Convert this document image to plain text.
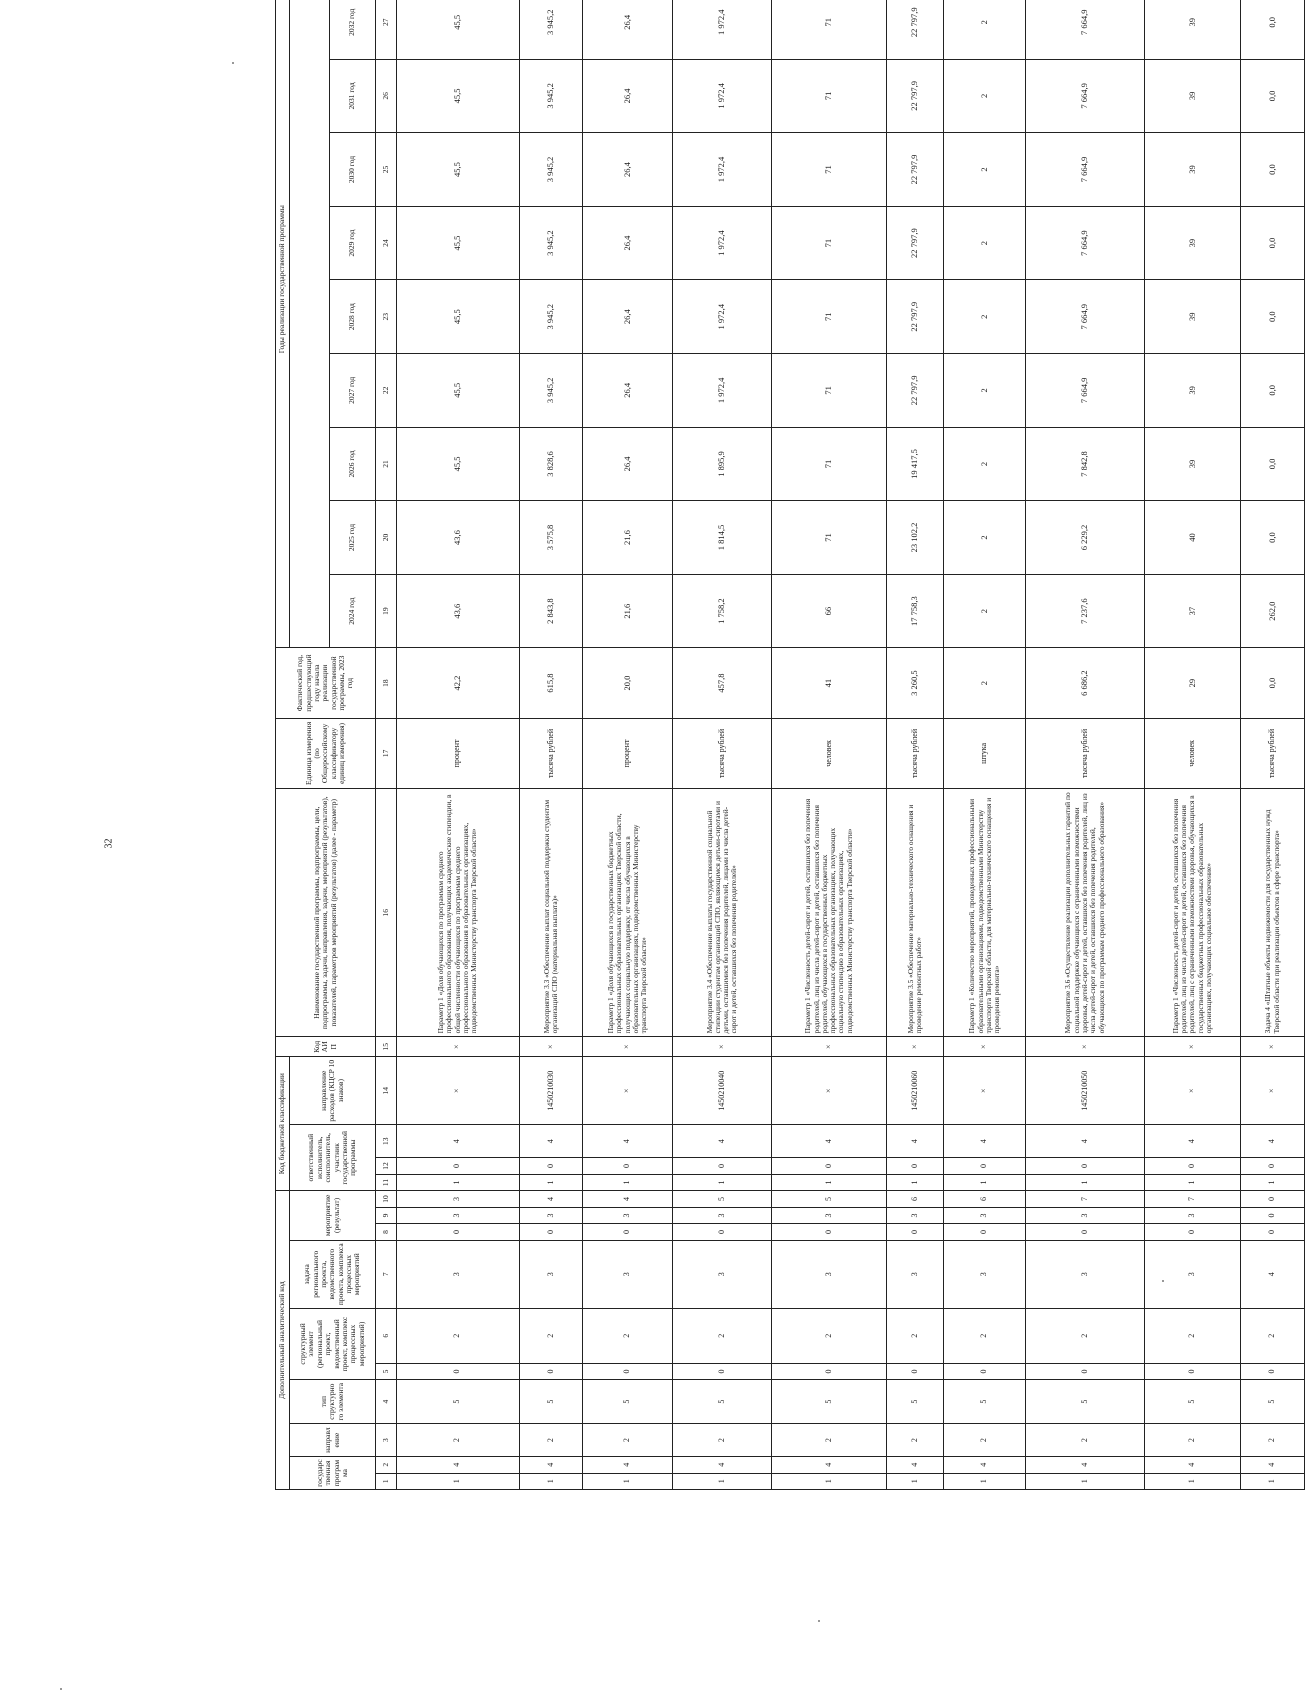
32
Дополнительный аналитический код										Код бюджетной классификации				Код АИП	Наименование государственной программы, подпрограммы, цели, подпрограммы, задачи, направления, задачи, мероприятий (результатов), показателей, параметров мероприятий (результатов) (далее - параметр)	Единица измерения (по Общероссийскому классификатору единиц измерения)	Фактический год, предшествующий году начала реализации государственной программы, 2023 год	Годы реализации государственной программы									
государственная программа		направление	тип структурного элемента	структурный элемент (региональный проект, ведомственный проект, комплекс процессных мероприятий)		задача регионального проекта, ведомственного проекта, комплекса процессных мероприятий	мероприятие (результат)			ответственный исполнитель, соисполнитель, участник государственной программы			направление расходов (КЦСР 10 знаков)														
																		2024 год	2025 год	2026 год	2027 год	2028 год	2029 год	2030 год	2031 год	2032 год	
1	2	3	4	5	6	7	8	9	10	11	12	13	14	15	16	17	18	19	20	21	22	23	24	25	26	27	
1	4	2	5	0	2	3	0	3	3	1	0	4	×	×	Параметр 1 «Доля обучающихся по программам среднего профессионального образования, получающих академические стипендии, в общей численности обучающихся по программам среднего профессионального образования в образовательных организациях, подведомственных Министерству транспорта Тверской области»	процент	42,2	43,6	43,6	45,5	45,5	45,5	45,5	45,5	45,5	45,5	
1	4	2	5	0	2	3	0	3	4	1	0	4	1450210030	×	Мероприятие 3.3 «Обеспечение выплат социальной поддержки студентам организаций СПО (материальная выплата)»	тысяча рублей	615,8	2 843,8	3 575,8	3 828,6	3 945,2	3 945,2	3 945,2	3 945,2	3 945,2	3 945,2	
1	4	2	5	0	2	3	0	3	4	1	0	4	×	×	Параметр 1 «Доля обучающихся в государственных бюджетных профессиональных образовательных организациях Тверской области, получающих социальную поддержку, от числа обучающихся в образовательных организациях, подведомственных Министерству транспорта Тверской области»	процент	20,0	21,6	21,6	26,4	26,4	26,4	26,4	26,4	26,4	26,4	
1	4	2	5	0	2	3	0	3	5	1	0	4	1450210040	×	Мероприятие 3.4 «Обеспечение выплаты государственной социальной стипендии студентам организаций СПО, являющимся детьми-сиротами и детьми, оставшимися без попечения родителей, лицами из числа детей-сирот и детей, оставшихся без попечения родителей»	тысяча рублей	457,8	1 758,2	1 814,5	1 895,9	1 972,4	1 972,4	1 972,4	1 972,4	1 972,4	1 972,4	
1	4	2	5	0	2	3	0	3	5	1	0	4	×	×	Параметр 1 «Численность детей-сирот и детей, оставшихся без попечения родителей, лиц из числа детей-сирот и детей, оставшихся без попечения родителей, обучающихся в государственных бюджетных профессиональных образовательных организациях, получающих социальную стипендию в образовательных организациях, подведомственных Министерству транспорта Тверской области»	человек	41	66	71	71	71	71	71	71	71	71	
1	4	2	5	0	2	3	0	3	6	1	0	4	1450210060	×	Мероприятие 3.5 «Обеспечение материально-технического оснащения и проведение ремонтных работ»	тысяча рублей	3 260,5	17 758,3	23 102,2	19 417,5	22 797,9	22 797,9	22 797,9	22 797,9	22 797,9	22 797,9	
1	4	2	5	0	2	3	0	3	6	1	0	4	×	×	Параметр 1 «Количество мероприятий, проведенных профессиональными образовательными организациями, подведомственными Министерству транспорта Тверской области, для материально-технического оснащения и проведения ремонта»	штука	2	2	2	2	2	2	2	2	2	2	
1	4	2	5	0	2	3	0	3	7	1	0	4	1450210050	×	Мероприятие 3.6 «Осуществление реализации дополнительных гарантий по социальной поддержке обучающихся с ограниченными возможностями здоровья, детей-сирот и детей, оставшихся без попечения родителей, лиц из числа детей-сирот и детей, оставшихся без попечения родителей, обучающихся по программам среднего профессионального образования»	тысяча рублей	6 686,2	7 237,6	6 229,2	7 842,8	7 664,9	7 664,9	7 664,9	7 664,9	7 664,9	7 664,9	
1	4	2	5	0	2	3	0	3	7	1	0	4	×	×	Параметр 1 «Численность детей-сирот и детей, оставшихся без попечения родителей, лиц из числа детей-сирот и детей, оставшихся без попечения родителей, лиц с ограниченными возможностями здоровья, обучающихся в государственных бюджетных профессиональных образовательных организациях, получающих социальное обеспечение»	человек	29	37	40	39	39	39	39	39	39	39	
1	4	2	5	0	2	4	0	0	0	1	0	4	×	×	Задача 4 «Штатные объекты недвижимости для государственных нужд Тверской области при реализации объектов в сфере транспорта»	тысяча рублей	0,0	262,0	0,0	0,0	0,0	0,0	0,0	0,0	0,0	0,0	
